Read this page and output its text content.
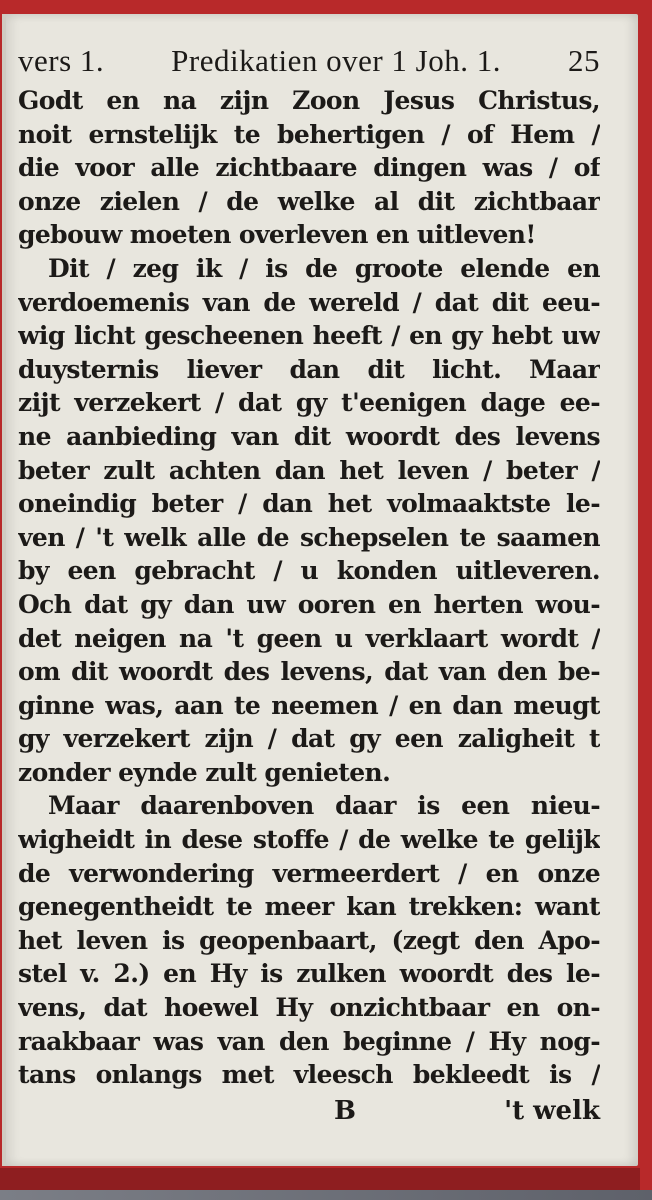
vers 1.	Predikatien over 1 Joh. 1.	25
Godt en na zijn Zoon Jesus Christus,
noit ernstelijk te behertigen / of Hem /
die voor alle zichtbaare dingen was / of
onze zielen / de welke al dit zichtbaar
gebouw moeten overleven en uitleven!
Dit / zeg ik / is de groote elende en
verdoemenis van de wereld / dat dit eeu-
wig licht gescheenen heeft / en gy hebt uw
duysternis liever dan dit licht. Maar
zijt verzekert / dat gy t'eenigen dage ee-
ne aanbieding van dit woordt des levens
beter zult achten dan het leven / beter /
oneindig beter / dan het volmaaktste le-
ven / 't welk alle de schepselen te saamen
by een gebracht / u konden uitleveren.
Och dat gy dan uw ooren en herten wou-
det neigen na 't geen u verklaart wordt /
om dit woordt des levens, dat van den be-
ginne was, aan te neemen / en dan meugt
gy verzekert zijn / dat gy een zaligheit t
zonder eynde zult genieten.
Maar daarenboven daar is een nieu-
wigheidt in dese stoffe / de welke te gelijk
de verwondering vermeerdert / en onze
genegentheidt te meer kan trekken: want
het leven is geopenbaart, (zegt den Apo-
stel v. 2.) en Hy is zulken woordt des le-
vens, dat hoewel Hy onzichtbaar en on-
raakbaar was van den beginne / Hy nog-
tans onlangs met vleesch bekleedt is /
B	't welk
